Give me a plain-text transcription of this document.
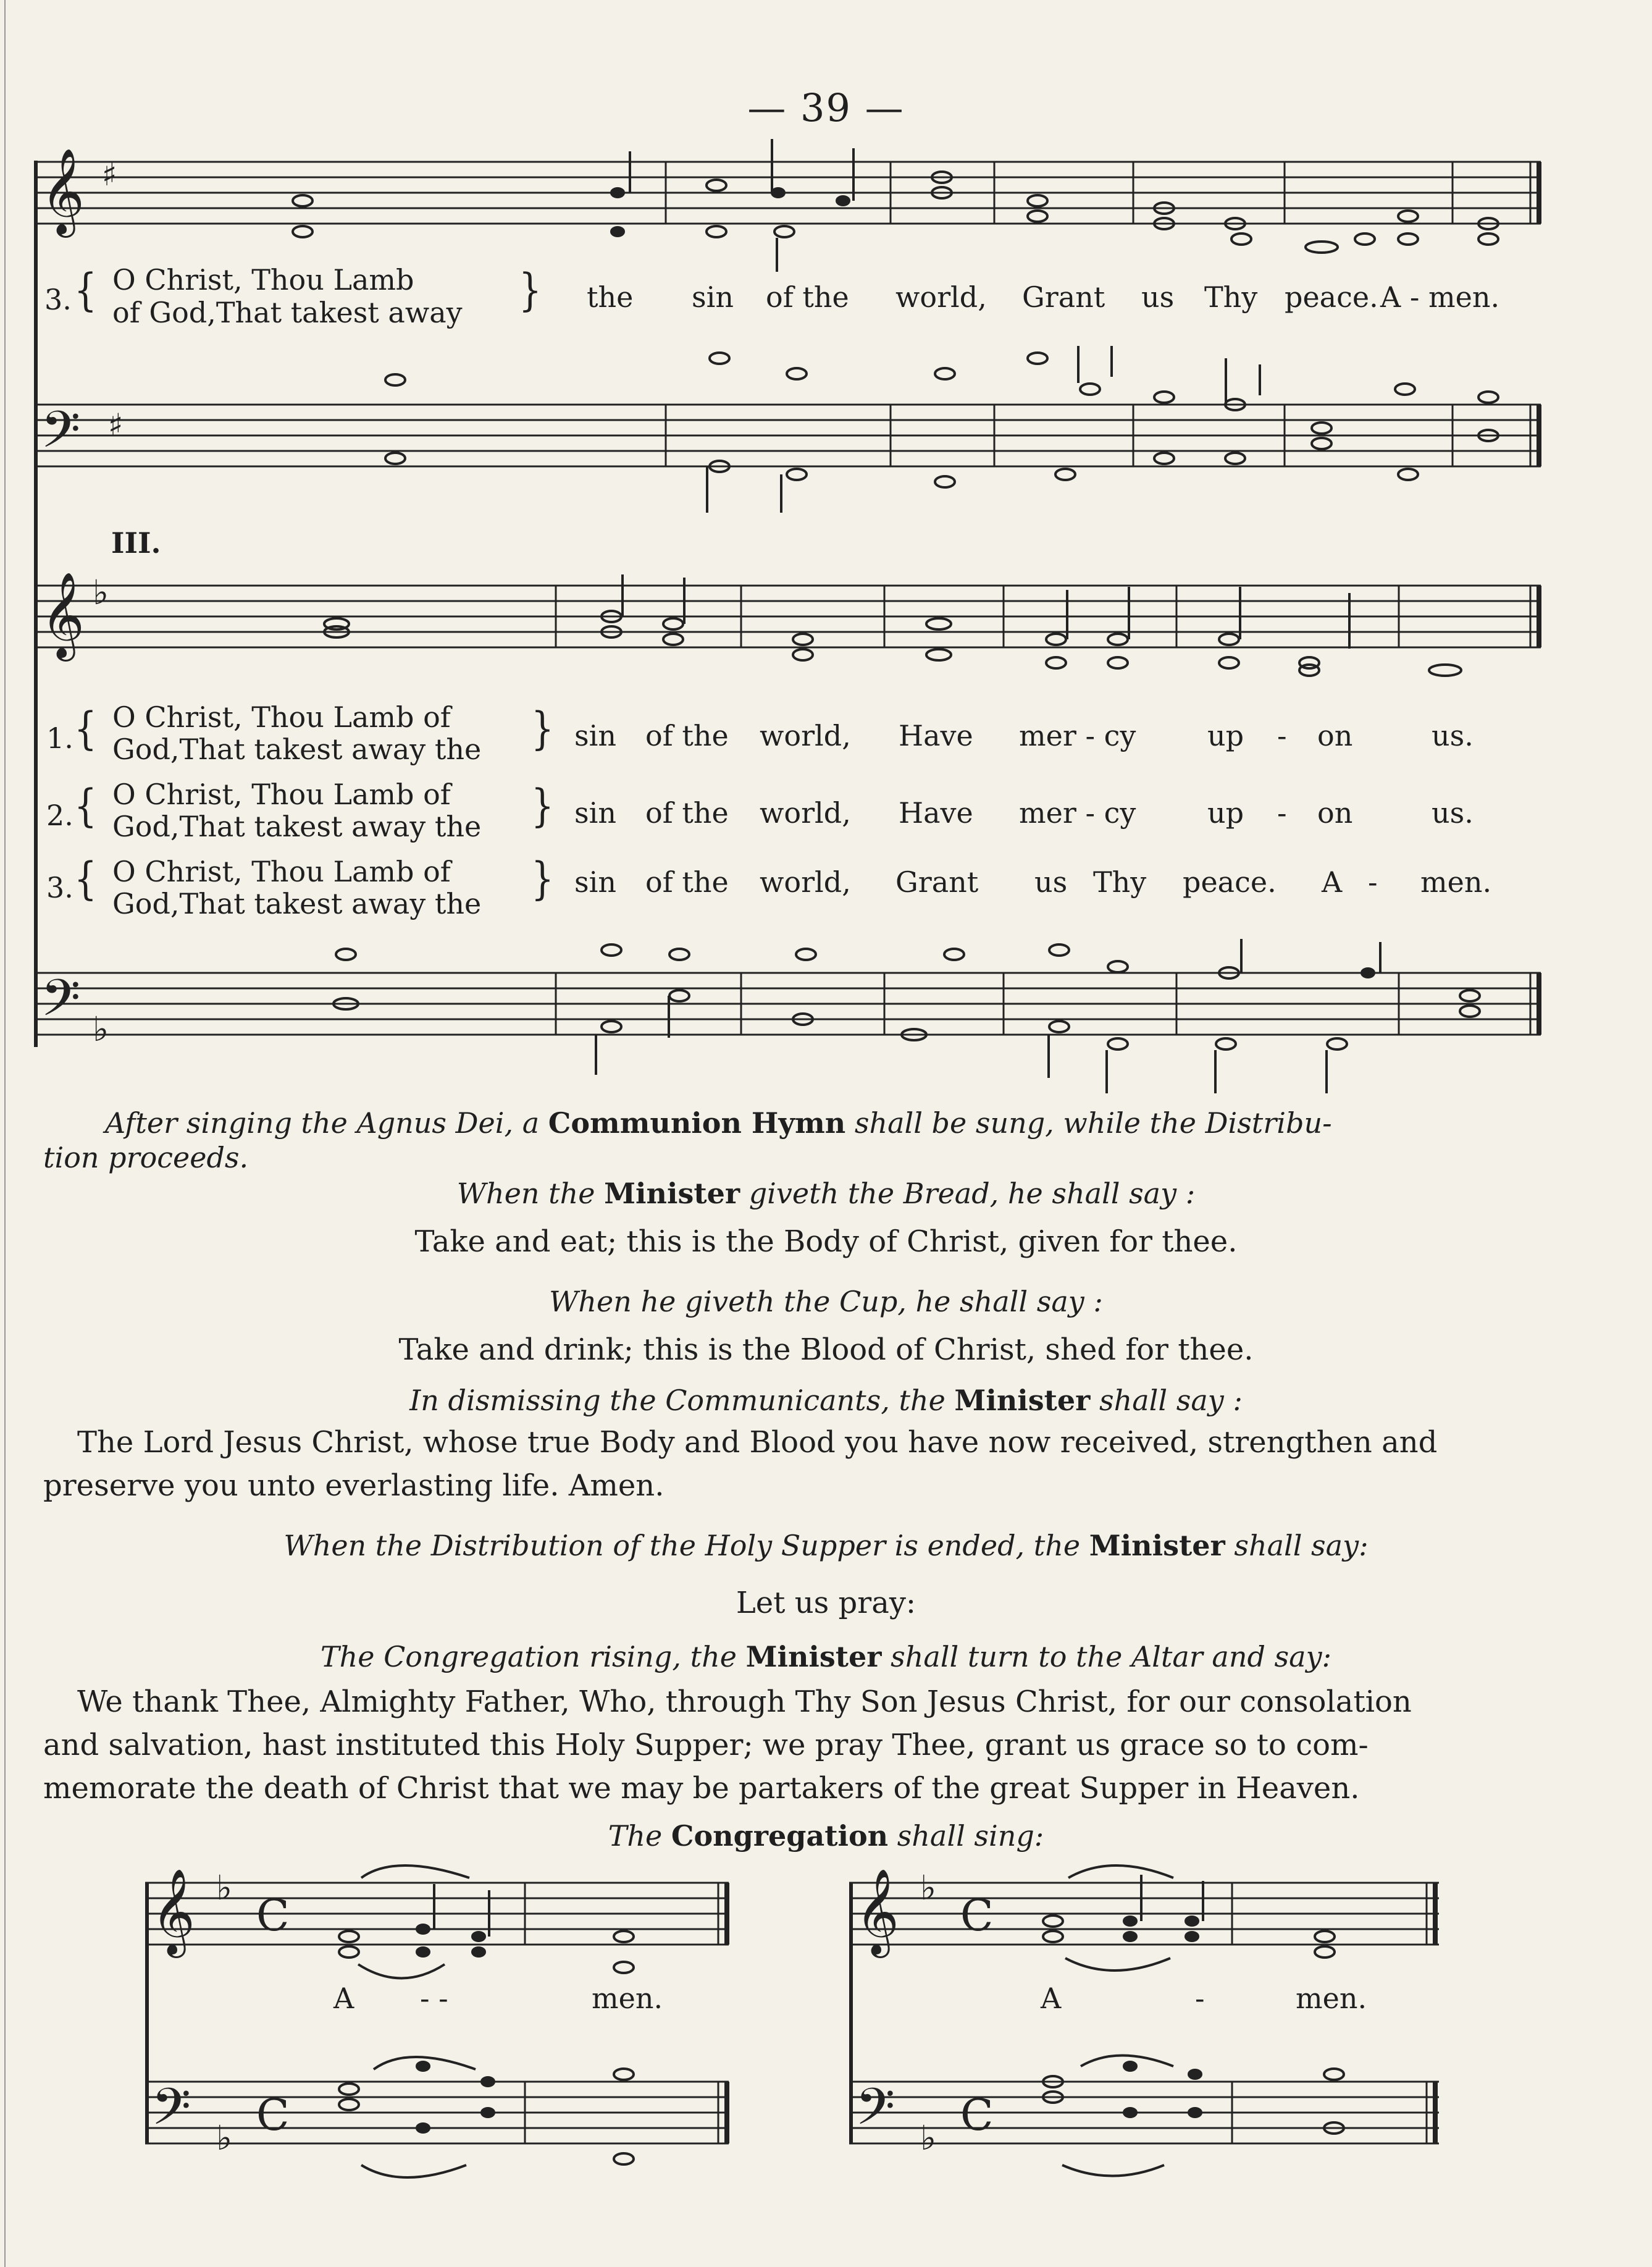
𝄞
𝄢
♯
♯
𝄞
𝄢
♭
♭
𝄞
𝄢
♭
♭
C
C
𝄞
𝄢
♭
♭
C
C
— 39 —
{
3.
O Christ, Thou Lamb
of God,That takest away } the sin of the world, Grant us Thy peace. A - men.
III.
1. { O Christ, Thou Lamb of
God,That takest away the } sin of the world, Have mer - cy	up - on	us.
2. { O Christ, Thou Lamb of
God,That takest away the } sin of the world, Have mer - cy	up - on	us.
3. { O Christ, Thou Lamb of
God,That takest away the } sin of the world, Grant us Thy peace. A - men.
After singing the Agnus Dei, a Communion Hymn shall be sung, while the Distribu-
tion proceeds.
When the Minister giveth the Bread, he shall say :
Take and eat; this is the Body of Christ, given for thee.
When he giveth the Cup, he shall say :
Take and drink; this is the Blood of Christ, shed for thee.
In dismissing the Communicants, the Minister shall say :
The Lord Jesus Christ, whose true Body and Blood you have now received, strengthen and
preserve you unto everlasting life. Amen.
When the Distribution of the Holy Supper is ended, the Minister shall say:
Let us pray:
The Congregation rising, the Minister shall turn to the Altar and say:
We thank Thee, Almighty Father, Who, through Thy Son Jesus Christ, for our consolation
and salvation, hast instituted this Holy Supper; we pray Thee, grant us grace so to com-
memorate the death of Christ that we may be partakers of the great Supper in Heaven.
The Congregation shall sing:
A - -	men.	A	-	men.
